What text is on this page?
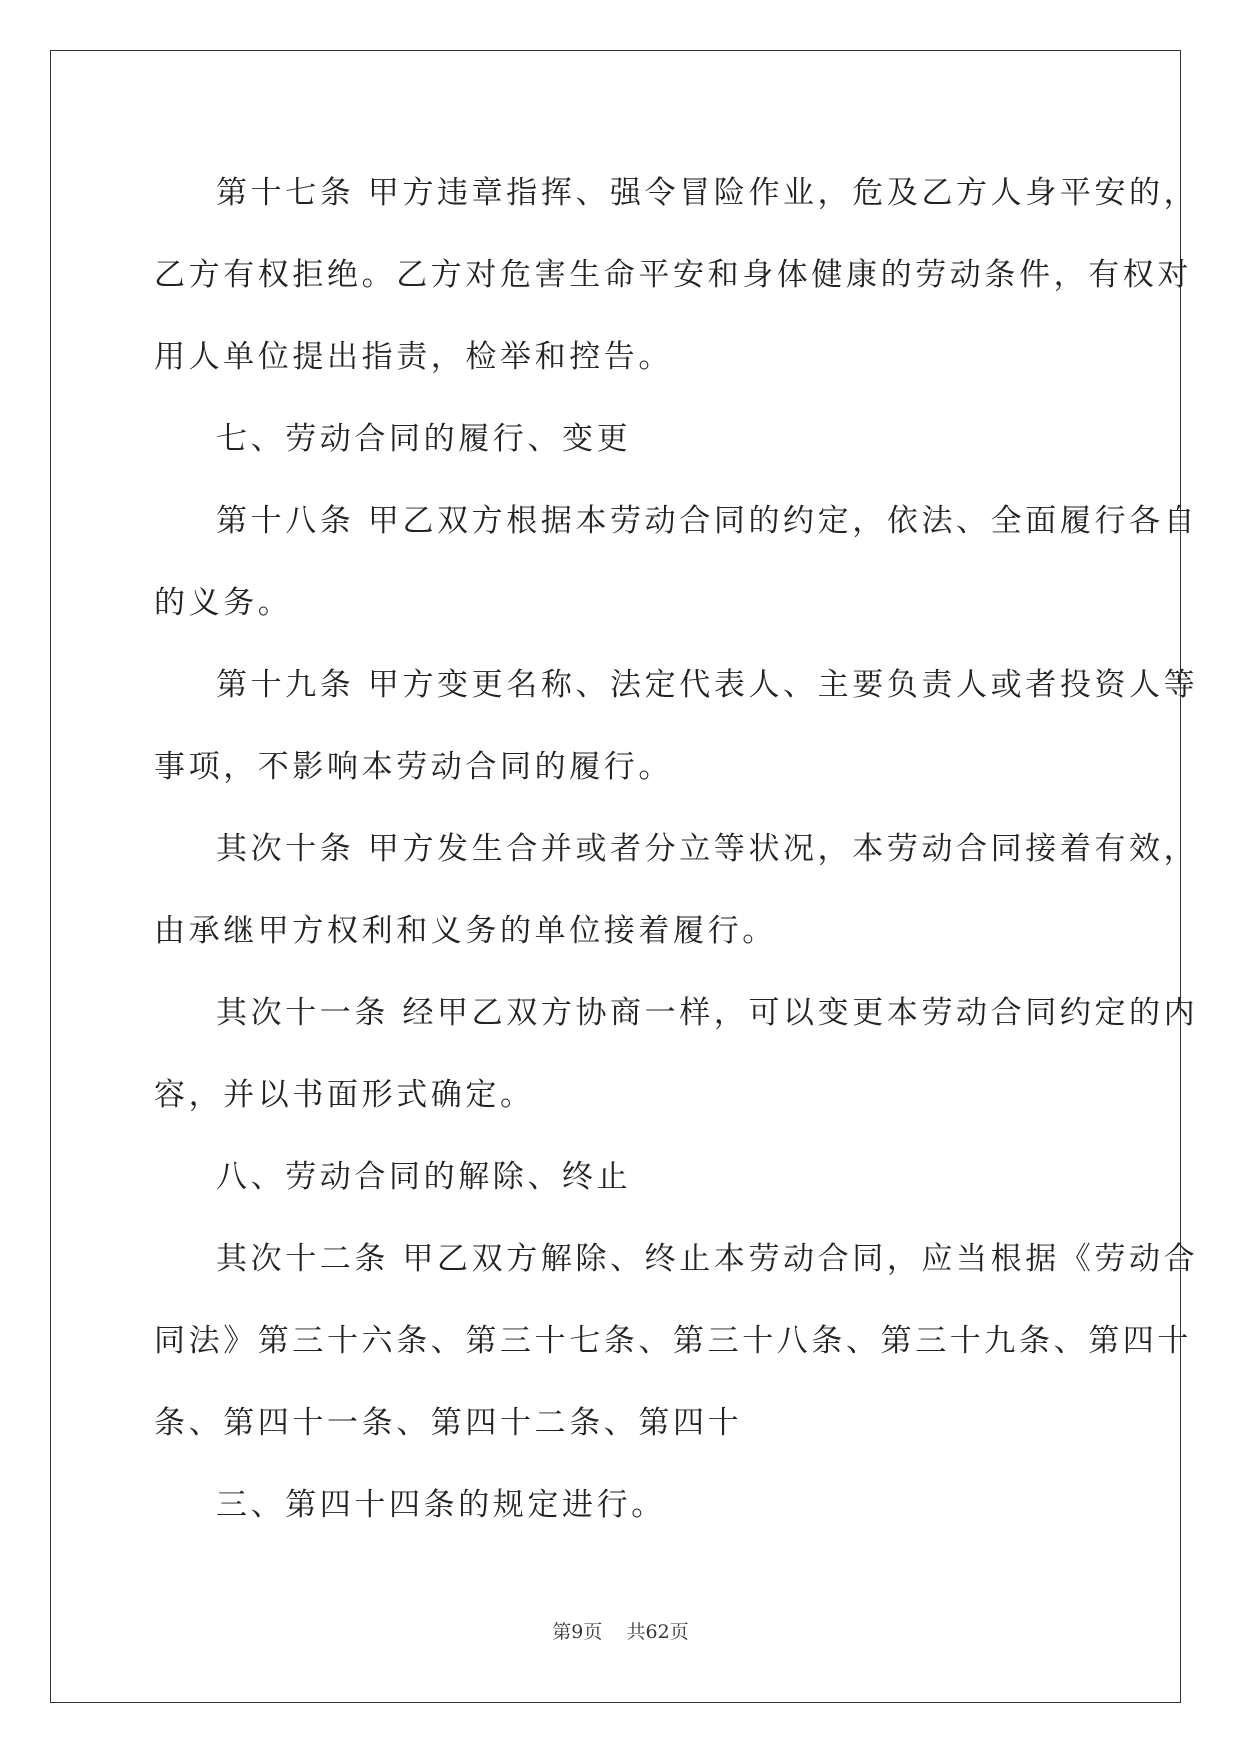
第十七条 甲方违章指挥、强令冒险作业，危及乙方人身平安的，
乙方有权拒绝。乙方对危害生命平安和身体健康的劳动条件，有权对
用人单位提出指责，检举和控告。
七、劳动合同的履行、变更
第十八条 甲乙双方根据本劳动合同的约定，依法、全面履行各自
的义务。
第十九条 甲方变更名称、法定代表人、主要负责人或者投资人等
事项，不影响本劳动合同的履行。
其次十条 甲方发生合并或者分立等状况，本劳动合同接着有效，
由承继甲方权利和义务的单位接着履行。
其次十一条 经甲乙双方协商一样，可以变更本劳动合同约定的内
容，并以书面形式确定。
八、劳动合同的解除、终止
其次十二条 甲乙双方解除、终止本劳动合同，应当根据《劳动合
同法》第三十六条、第三十七条、第三十八条、第三十九条、第四十
条、第四十一条、第四十二条、第四十
三、第四十四条的规定进行。
第9页 共62页
